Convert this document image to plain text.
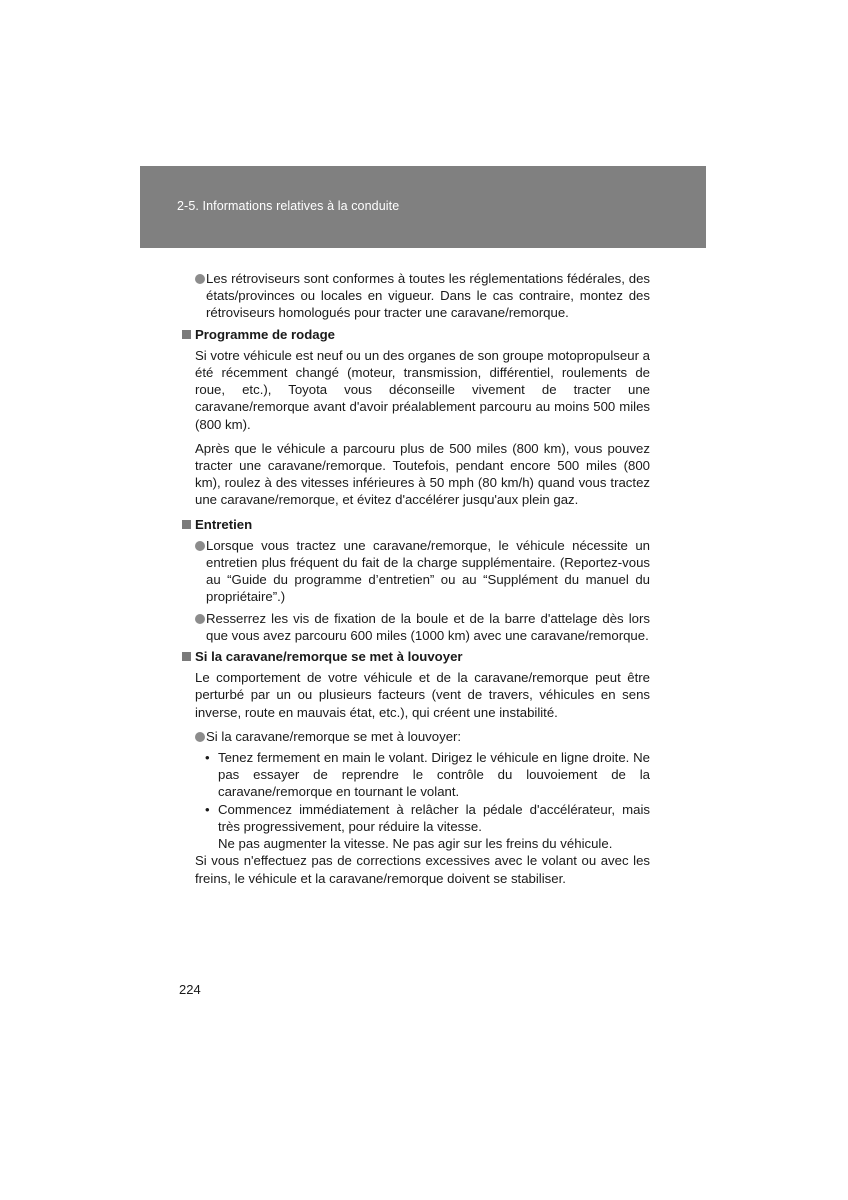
2-5. Informations relatives à la conduite
Les rétroviseurs sont conformes à toutes les réglementations fédérales, des états/provinces ou locales en vigueur. Dans le cas contraire, montez des rétroviseurs homologués pour tracter une caravane/remorque.
Programme de rodage
Si votre véhicule est neuf ou un des organes de son groupe motopropulseur a été récemment changé (moteur, transmission, différentiel, roulements de roue, etc.), Toyota vous déconseille vivement de tracter une caravane/remorque avant d'avoir préalablement parcouru au moins 500 miles (800 km).
Après que le véhicule a parcouru plus de 500 miles (800 km), vous pouvez tracter une caravane/remorque. Toutefois, pendant encore 500 miles (800 km), roulez à des vitesses inférieures à 50 mph (80 km/h) quand vous tractez une caravane/remorque, et évitez d'accélérer jusqu'aux plein gaz.
Entretien
Lorsque vous tractez une caravane/remorque, le véhicule nécessite un entretien plus fréquent du fait de la charge supplémentaire. (Reportez-vous au “Guide du programme d’entretien” ou au “Supplément du manuel du propriétaire”.)
Resserrez les vis de fixation de la boule et de la barre d'attelage dès lors que vous avez parcouru 600 miles (1000 km) avec une caravane/remorque.
Si la caravane/remorque se met à louvoyer
Le comportement de votre véhicule et de la caravane/remorque peut être perturbé par un ou plusieurs facteurs (vent de travers, véhicules en sens inverse, route en mauvais état, etc.), qui créent une instabilité.
Si la caravane/remorque se met à louvoyer:
• Tenez fermement en main le volant. Dirigez le véhicule en ligne droite. Ne pas essayer de reprendre le contrôle du louvoiement de la caravane/remorque en tournant le volant.
• Commencez immédiatement à relâcher la pédale d'accélérateur, mais très progressivement, pour réduire la vitesse.
Ne pas augmenter la vitesse. Ne pas agir sur les freins du véhicule.
Si vous n'effectuez pas de corrections excessives avec le volant ou avec les freins, le véhicule et la caravane/remorque doivent se stabiliser.
224
